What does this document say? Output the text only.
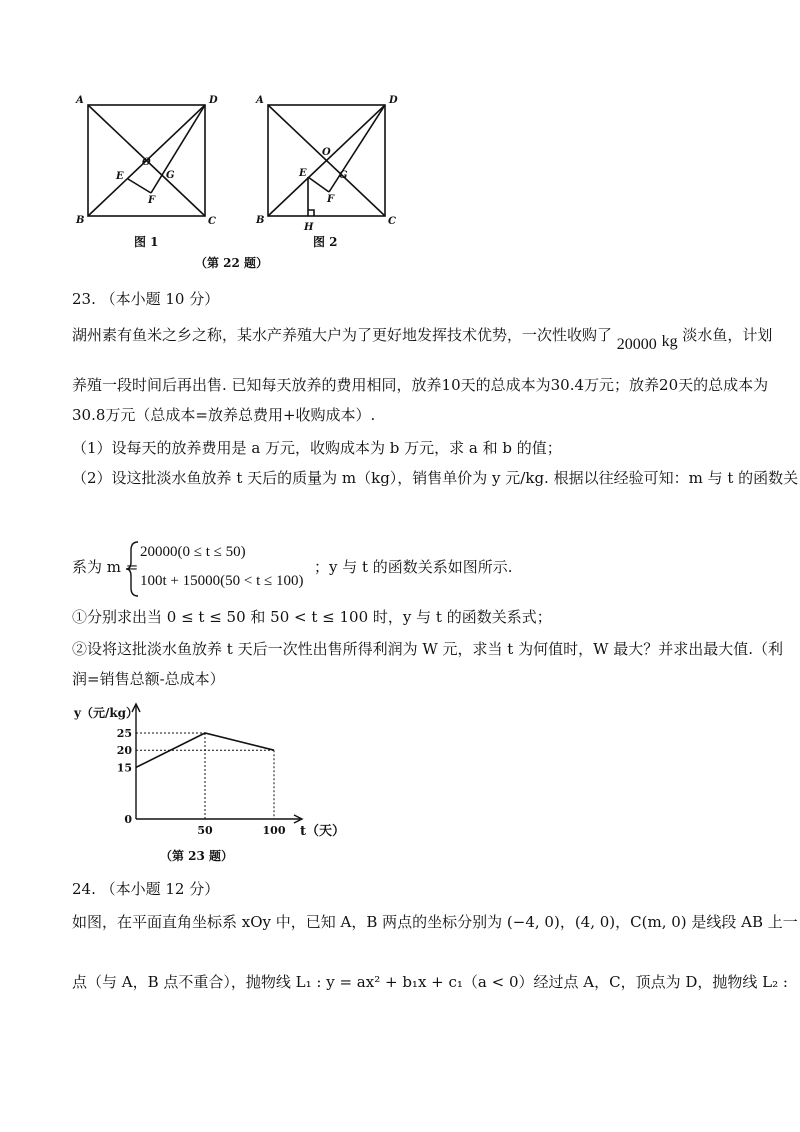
A	D
B	C
O
E	G
F
图 1
A	D
B	C
O
E	G
F
H
图 2
（第 22 题）
23. （本小题 10 分）
湖州素有鱼米之乡之称，某水产养殖大户为了更好地发挥技术优势，一次性收购了 20000 kg 淡水鱼，计划
养殖一段时间后再出售. 已知每天放养的费用相同，放养10天的总成本为30.4万元；放养20天的总成本为
30.8万元（总成本=放养总费用+收购成本）.
（1）设每天的放养费用是 a 万元，收购成本为 b 万元，求 a 和 b 的值；
（2）设这批淡水鱼放养 t 天后的质量为 m（kg），销售单价为 y 元/kg. 根据以往经验可知：m 与 t 的函数关
系为 m =
20000(0 ≤ t ≤ 50)
100t + 15000(50 < t ≤ 100)
；y 与 t 的函数关系如图所示.
①分别求出当 0 ≤ t ≤ 50 和 50 < t ≤ 100 时，y 与 t 的函数关系式；
②设将这批淡水鱼放养 t 天后一次性出售所得利润为 W 元，求当 t 为何值时，W 最大？并求出最大值.（利
润=销售总额-总成本）
25
20
15
0
50	100
y（元/kg）
t（天）
（第 23 题）
24. （本小题 12 分）
如图，在平面直角坐标系 xOy 中，已知 A，B 两点的坐标分别为 (−4, 0)，(4, 0)，C(m, 0) 是线段 AB 上一
点（与 A，B 点不重合），抛物线 L₁ : y = ax² + b₁x + c₁（a < 0）经过点 A，C，顶点为 D，抛物线 L₂ :
